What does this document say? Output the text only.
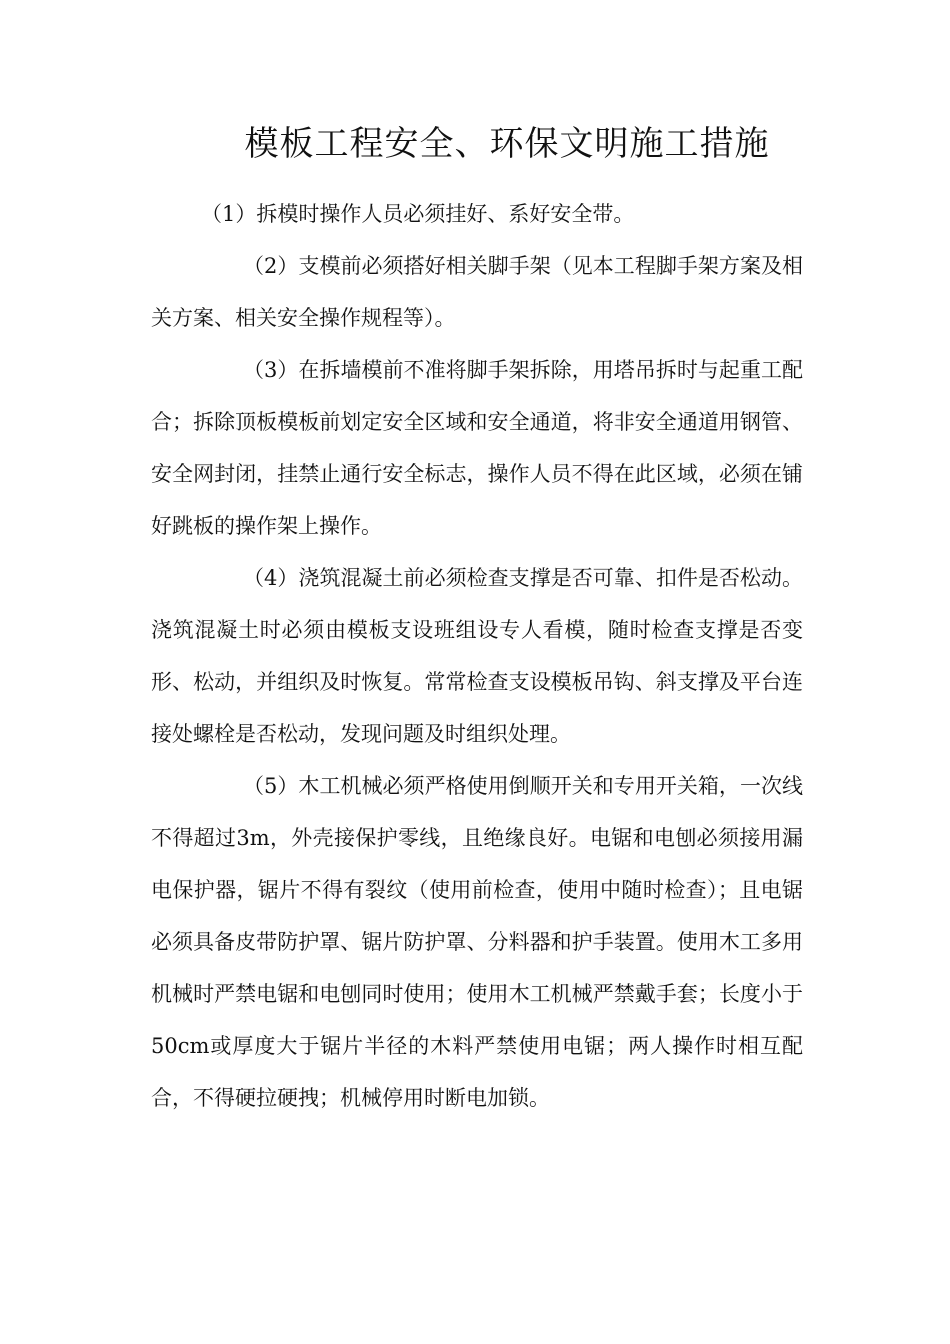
模板工程安全、环保文明施工措施
（1）拆模时操作人员必须挂好、系好安全带。
（2）支模前必须搭好相关脚手架（见本工程脚手架方案及相关方案、相关安全操作规程等）。
（3）在拆墙模前不准将脚手架拆除，用塔吊拆时与起重工配合；拆除顶板模板前划定安全区域和安全通道，将非安全通道用钢管、安全网封闭，挂禁止通行安全标志，操作人员不得在此区域，必须在铺好跳板的操作架上操作。
（4）浇筑混凝土前必须检查支撑是否可靠、扣件是否松动。浇筑混凝土时必须由模板支设班组设专人看模，随时检查支撑是否变形、松动，并组织及时恢复。常常检查支设模板吊钩、斜支撑及平台连接处螺栓是否松动，发现问题及时组织处理。
（5）木工机械必须严格使用倒顺开关和专用开关箱，一次线不得超过3m，外壳接保护零线，且绝缘良好。电锯和电刨必须接用漏电保护器，锯片不得有裂纹（使用前检查，使用中随时检查）；且电锯必须具备皮带防护罩、锯片防护罩、分料器和护手装置。使用木工多用机械时严禁电锯和电刨同时使用；使用木工机械严禁戴手套；长度小于50cm或厚度大于锯片半径的木料严禁使用电锯；两人操作时相互配合，不得硬拉硬拽；机械停用时断电加锁。
